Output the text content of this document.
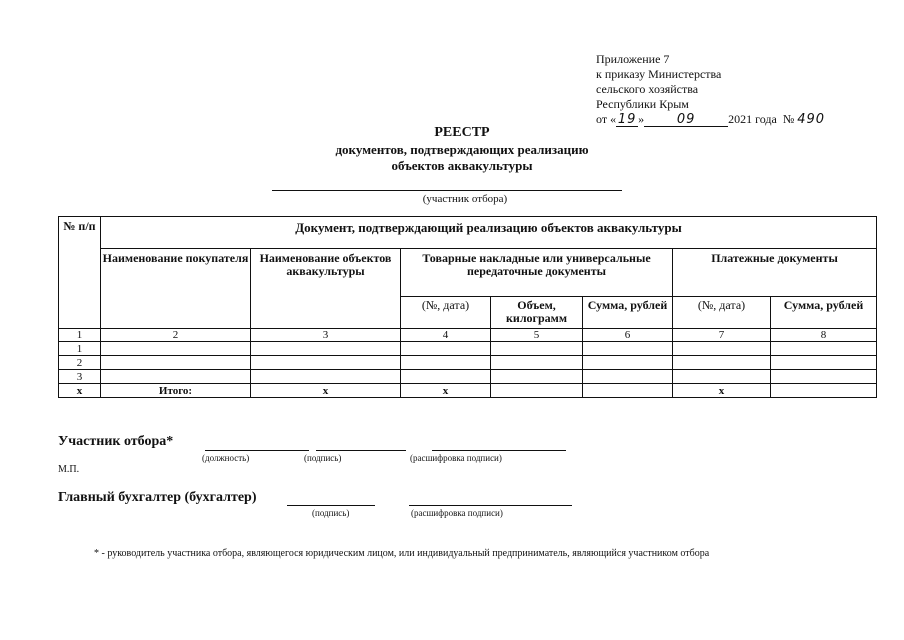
Приложение 7
к приказу Министерства
сельского хозяйства
Республики Крым
от « 19 »	09	2021 года № 490
РЕЕСТР
документов, подтверждающих реализацию
объектов аквакультуры
(участник отбора)
№ п/п	Документ, подтверждающий реализацию объектов аквакультуры						
	Наименование покупателя	Наименование объектов аквакультуры	Товарные накладные или универсальные передаточные документы			Платежные документы	
			(№, дата)	Объем, килограмм	Сумма, рублей	(№, дата)	Сумма, рублей
1	2	3	4	5	6	7	8
1							
2							
3							
х	Итого:	х	х			х	
Участник отбора*
(должность)	(подпись)	(расшифровка подписи)
М.П.
Главный бухгалтер (бухгалтер)
(подпись)	(расшифровка подписи)
* - руководитель участника отбора, являющегося юридическим лицом, или индивидуальный предприниматель, являющийся участником отбора
